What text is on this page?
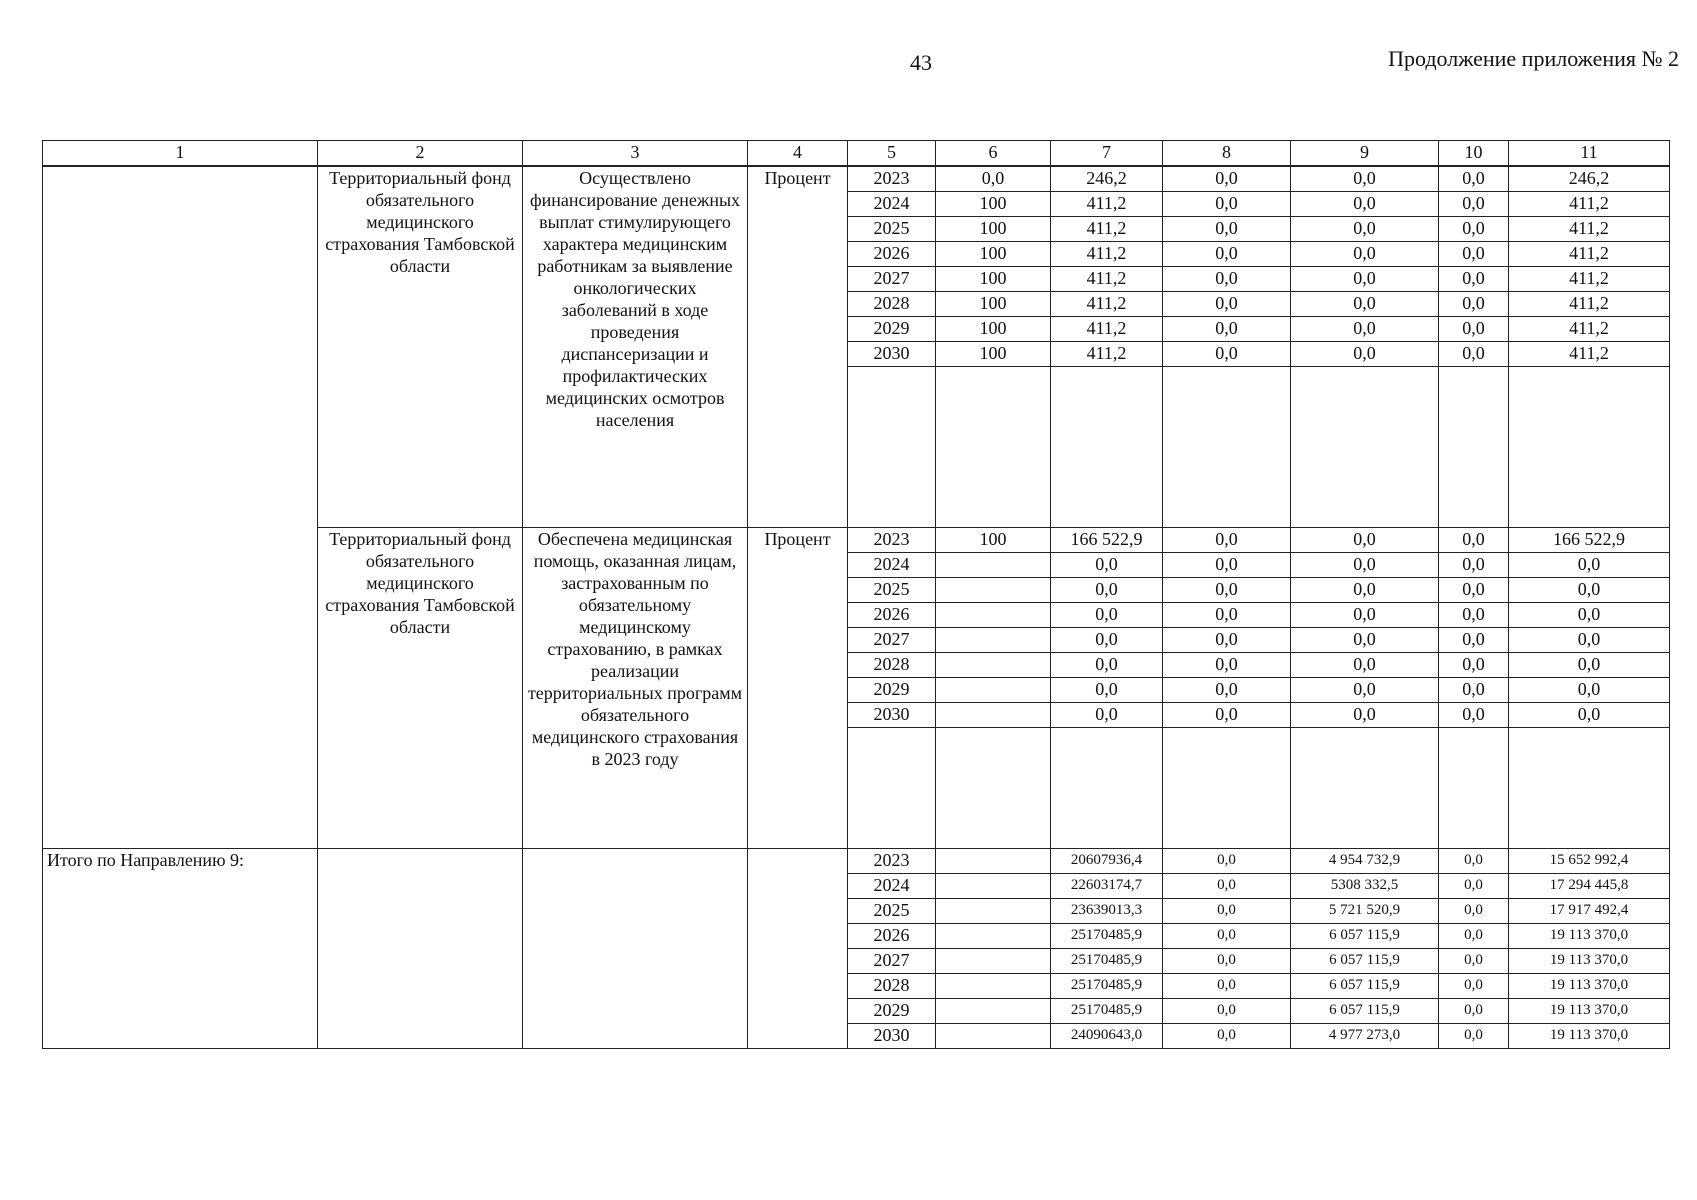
43	Продолжение приложения № 2
1	2	3	4	5	6	7	8	9	10	11
	Территориальный фонд обязательного медицинского страхования Тамбовской области	Осуществлено финансирование денежных выплат стимулирующего характера медицинским работникам за выявление онкологических заболеваний в ходе проведения диспансеризации и профилактических медицинских осмотров населения	Процент	2023	0,0	246,2	0,0	0,0	0,0	246,2
				2024	100	411,2	0,0	0,0	0,0	411,2
				2025	100	411,2	0,0	0,0	0,0	411,2
				2026	100	411,2	0,0	0,0	0,0	411,2
				2027	100	411,2	0,0	0,0	0,0	411,2
				2028	100	411,2	0,0	0,0	0,0	411,2
				2029	100	411,2	0,0	0,0	0,0	411,2
				2030	100	411,2	0,0	0,0	0,0	411,2

	Территориальный фонд обязательного медицинского страхования Тамбовской области	Обеспечена медицинская помощь, оказанная лицам, застрахованным по обязательному медицинскому страхованию, в рамках реализации территориальных программ обязательного медицинского страхования в 2023 году	Процент	2023	100	166 522,9	0,0	0,0	0,0	166 522,9
				2024		0,0	0,0	0,0	0,0	0,0
				2025		0,0	0,0	0,0	0,0	0,0
				2026		0,0	0,0	0,0	0,0	0,0
				2027		0,0	0,0	0,0	0,0	0,0
				2028		0,0	0,0	0,0	0,0	0,0
				2029		0,0	0,0	0,0	0,0	0,0
				2030		0,0	0,0	0,0	0,0	0,0

Итого по Направлению 9:				2023		20607936,4	0,0	4 954 732,9	0,0	15 652 992,4
				2024		22603174,7	0,0	5308 332,5	0,0	17 294 445,8
				2025		23639013,3	0,0	5 721 520,9	0,0	17 917 492,4
				2026		25170485,9	0,0	6 057 115,9	0,0	19 113 370,0
				2027		25170485,9	0,0	6 057 115,9	0,0	19 113 370,0
				2028		25170485,9	0,0	6 057 115,9	0,0	19 113 370,0
				2029		25170485,9	0,0	6 057 115,9	0,0	19 113 370,0
				2030		24090643,0	0,0	4 977 273,0	0,0	19 113 370,0
